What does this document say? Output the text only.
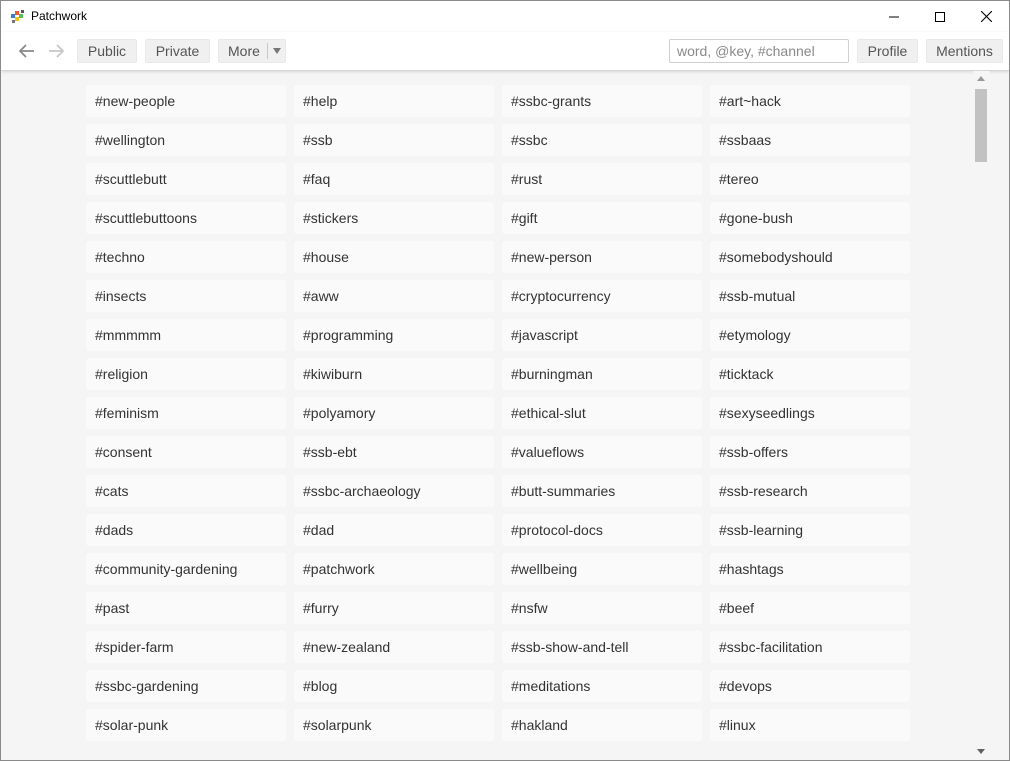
Patchwork
Public	Private	More
word, @key, #channel	Profile	Mentions
#new-people	#help	#ssbc-grants	#art~hack
#wellington	#ssb	#ssbc	#ssbaas
#scuttlebutt	#faq	#rust	#tereo
#scuttlebuttoons	#stickers	#gift	#gone-bush
#techno	#house	#new-person	#somebodyshould
#insects	#aww	#cryptocurrency	#ssb-mutual
#mmmmm	#programming	#javascript	#etymology
#religion	#kiwiburn	#burningman	#ticktack
#feminism	#polyamory	#ethical-slut	#sexyseedlings
#consent	#ssb-ebt	#valueflows	#ssb-offers
#cats	#ssbc-archaeology	#butt-summaries	#ssb-research
#dads	#dad	#protocol-docs	#ssb-learning
#community-gardening	#patchwork	#wellbeing	#hashtags
#past	#furry	#nsfw	#beef
#spider-farm	#new-zealand	#ssb-show-and-tell	#ssbc-facilitation
#ssbc-gardening	#blog	#meditations	#devops
#solar-punk	#solarpunk	#hakland	#linux
